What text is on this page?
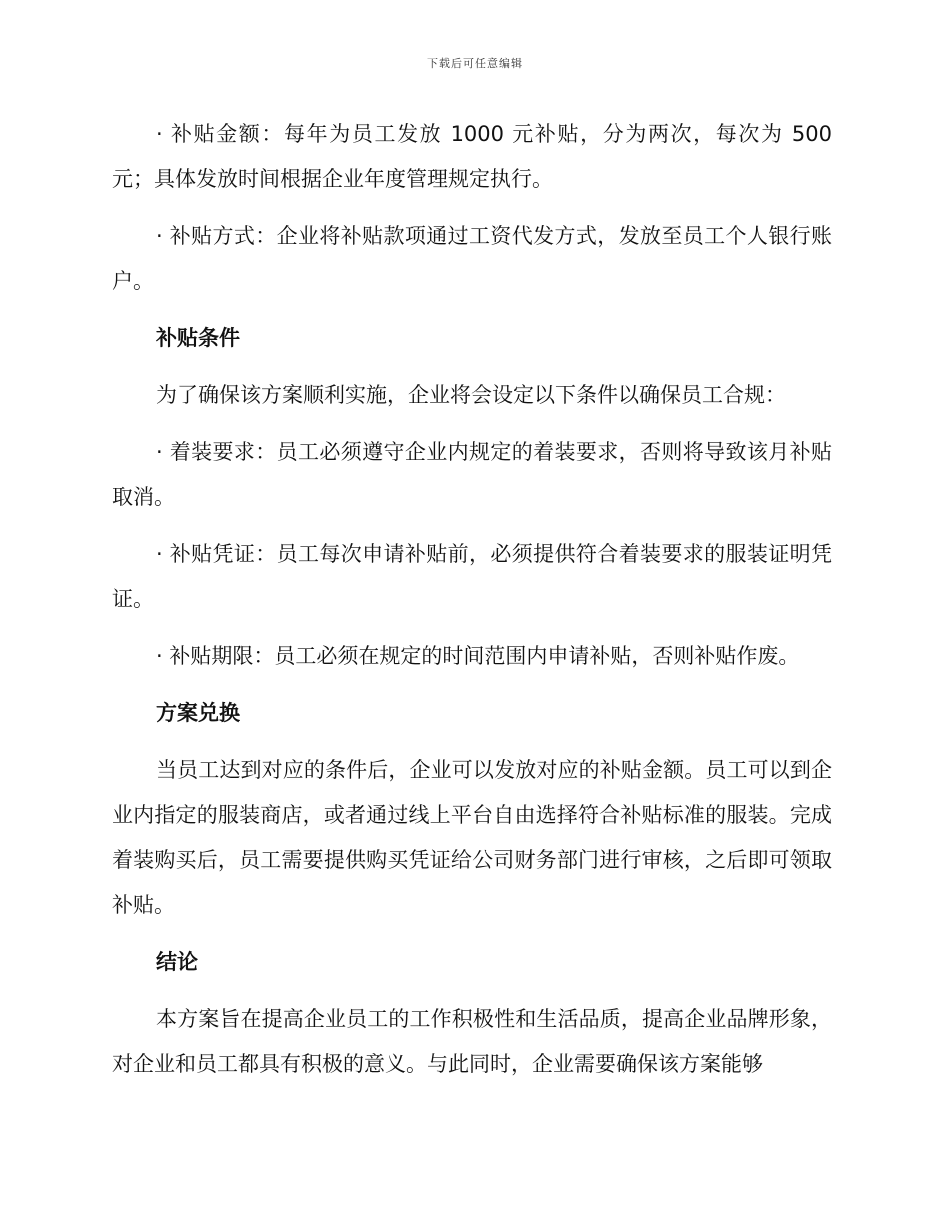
下载后可任意编辑

· 补贴金额：每年为员工发放 1000 元补贴，分为两次，每次为 500 元；具体发放时间根据企业年度管理规定执行。

· 补贴方式：企业将补贴款项通过工资代发方式，发放至员工个人银行账户。

补贴条件

为了确保该方案顺利实施，企业将会设定以下条件以确保员工合规：

· 着装要求：员工必须遵守企业内规定的着装要求，否则将导致该月补贴取消。

· 补贴凭证：员工每次申请补贴前，必须提供符合着装要求的服装证明凭证。

· 补贴期限：员工必须在规定的时间范围内申请补贴，否则补贴作废。

方案兑换

当员工达到对应的条件后，企业可以发放对应的补贴金额。员工可以到企业内指定的服装商店，或者通过线上平台自由选择符合补贴标准的服装。完成着装购买后，员工需要提供购买凭证给公司财务部门进行审核，之后即可领取补贴。

结论

本方案旨在提高企业员工的工作积极性和生活品质，提高企业品牌形象，对企业和员工都具有积极的意义。与此同时，企业需要确保该方案能够
